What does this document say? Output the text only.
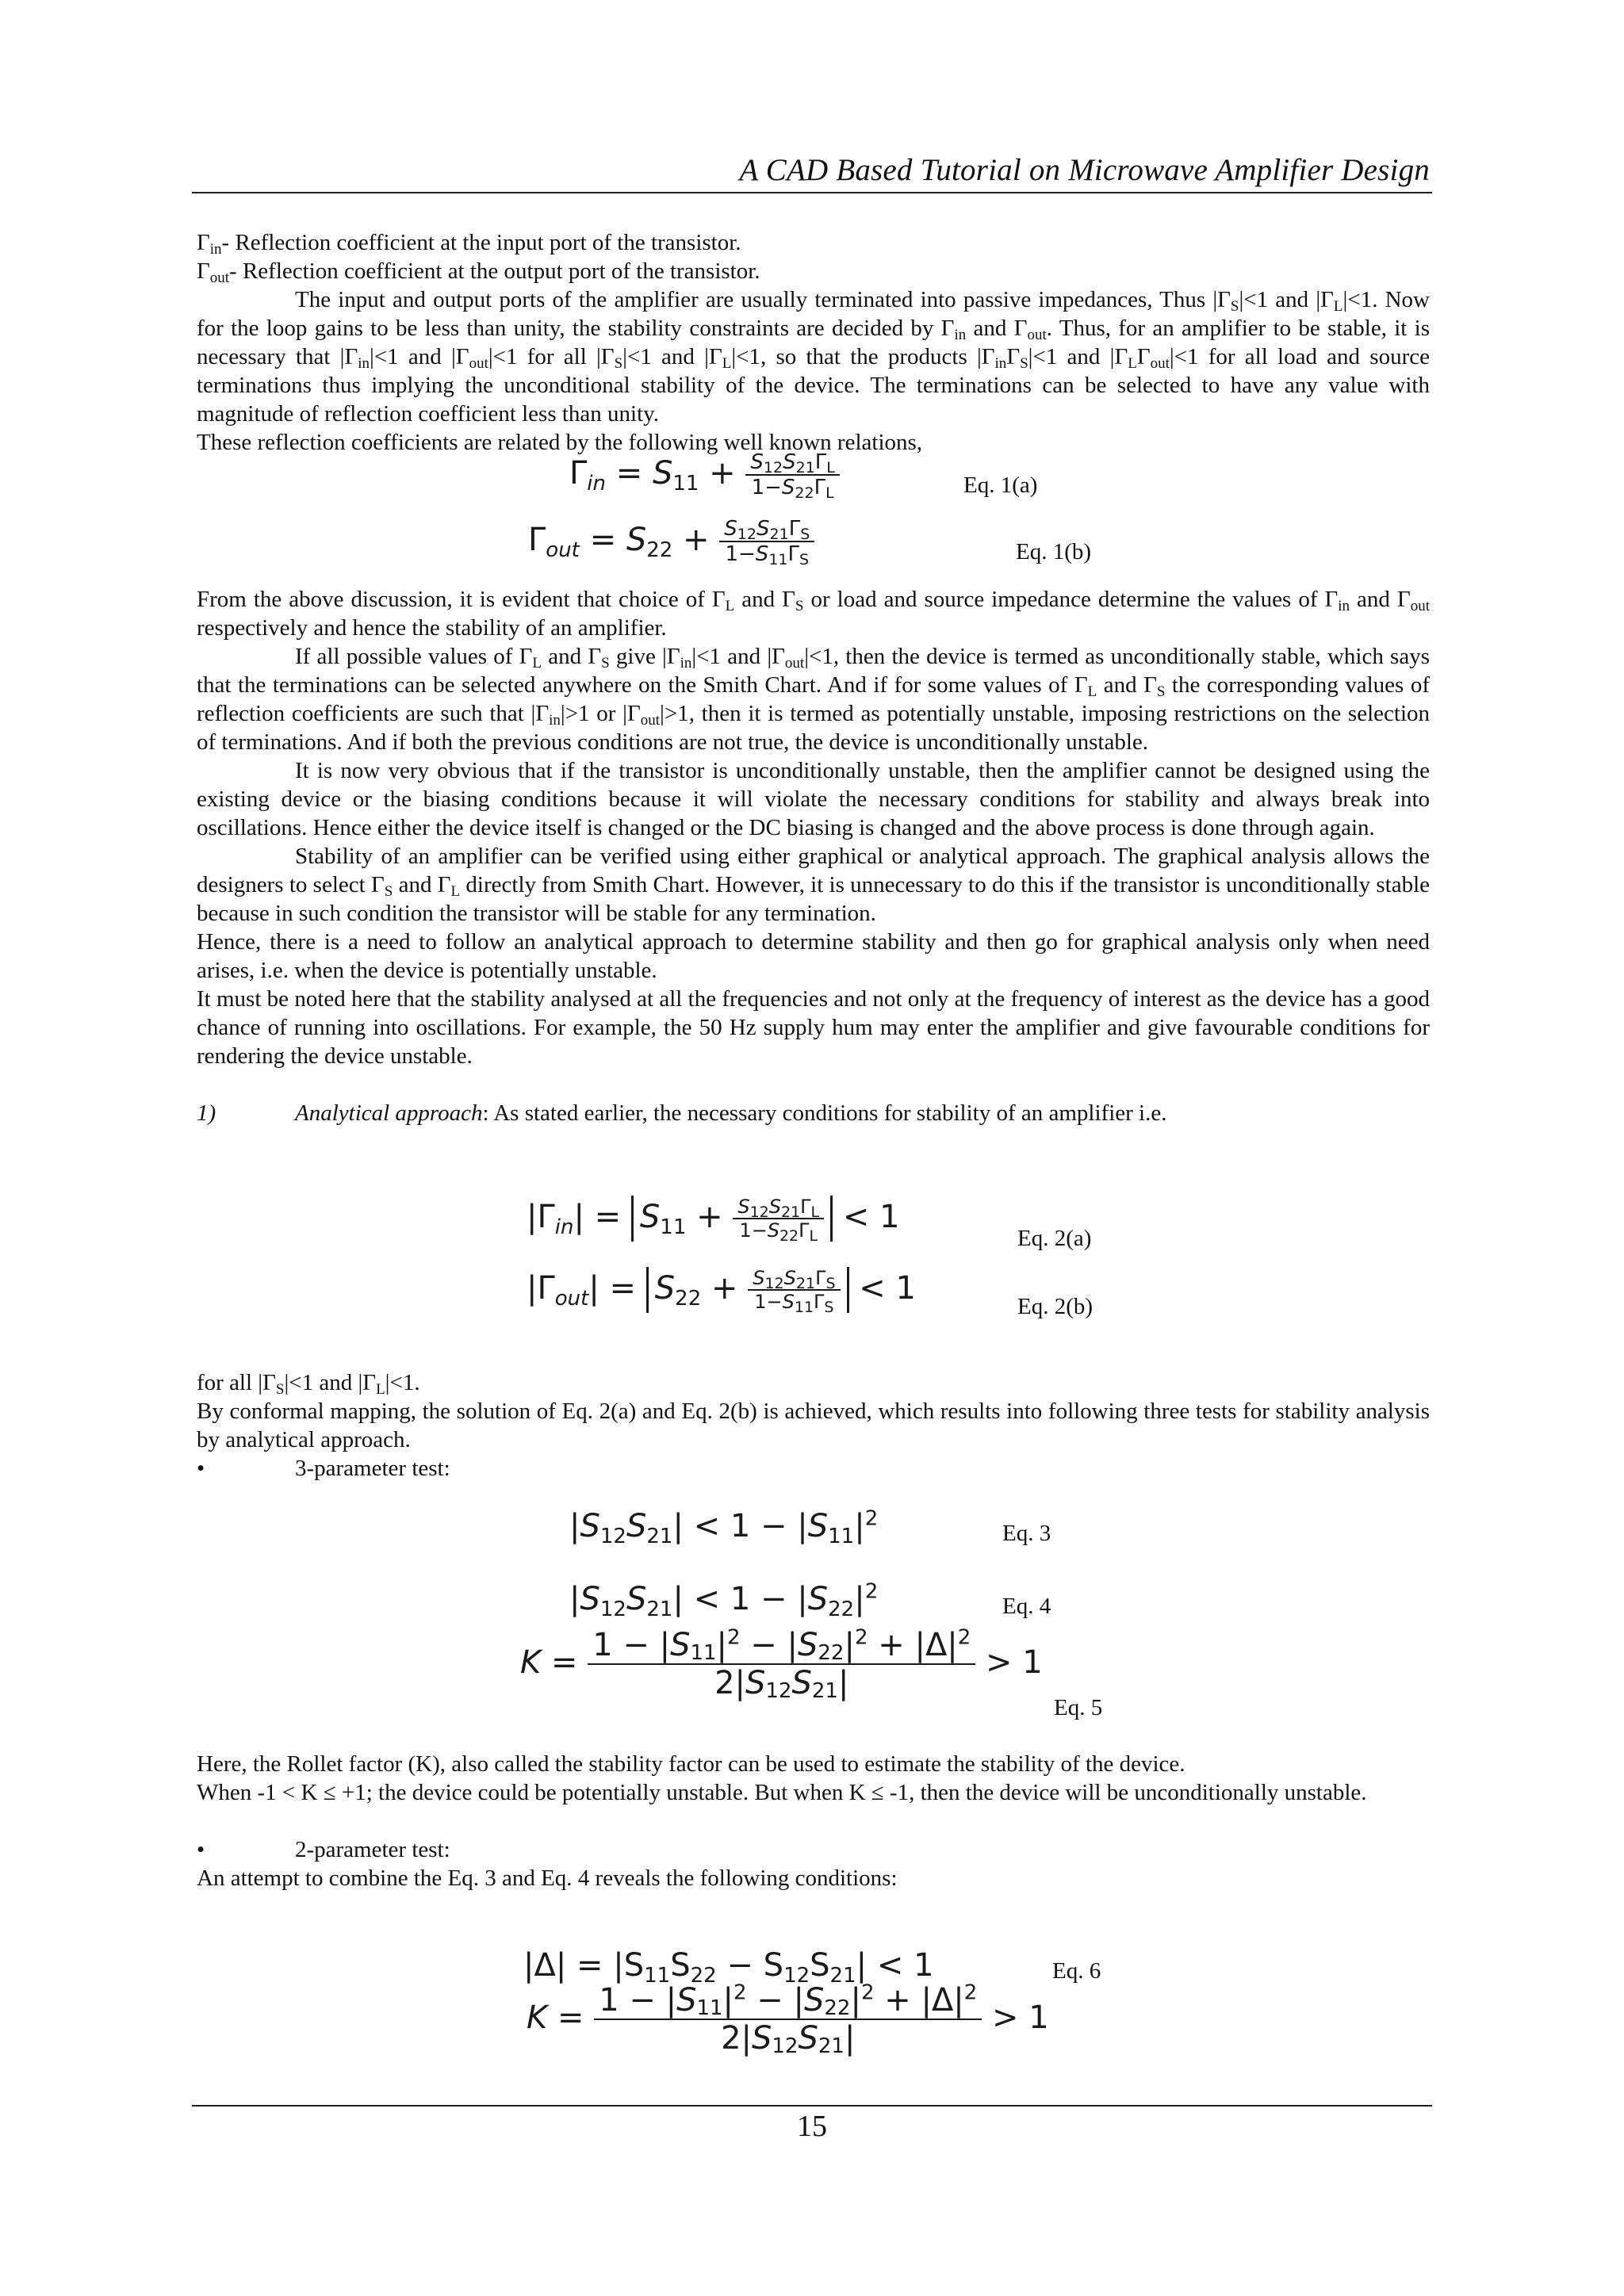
A CAD Based Tutorial on Microwave Amplifier Design

$\Gamma_{in}-$ Reflection coefficient at the input port of the transistor.

$\Gamma_{out}-$ Reflection coefficient at the output port of the transistor.

The input and output ports of the amplifier are usually terminated into passive impedances, Thus $|\Gamma_S|<1$ and $|\Gamma_L|<1$. Now for the loop gains to be less than unity, the stability constraints are decided by $\Gamma_{in}$ and $\Gamma_{out}$. Thus, for an amplifier to be stable, it is necessary that $|\Gamma_{in}|<1$ and $|\Gamma_{out}|<1$ for all $|\Gamma_S|<1$ and $|\Gamma_L|<1$, so that the products $|\Gamma_{in}\Gamma_S|<1$ and $|\Gamma_L\Gamma_{out}|<1$ for all load and source terminations thus implying the unconditional stability of the device. The terminations can be selected to have any value with magnitude of reflection coefficient less than unity.

These reflection coefficients are related by the following well known relations,

$\Gamma_{in} = S_{11} + \frac{S_{12}S_{21}\Gamma_L}{1-S_{22}\Gamma_L}$	Eq. 1(a)
$\Gamma_{out} = S_{22} + \frac{S_{12}S_{21}\Gamma_S}{1-S_{11}\Gamma_S}$	Eq. 1(b)

From the above discussion, it is evident that choice of $\Gamma_L$ and $\Gamma_S$ or load and source impedance determine the values of $\Gamma_{in}$ and $\Gamma_{out}$ respectively and hence the stability of an amplifier.

If all possible values of $\Gamma_L$ and $\Gamma_S$ give $|\Gamma_{in}|<1$ and $|\Gamma_{out}|<1$, then the device is termed as unconditionally stable, which says that the terminations can be selected anywhere on the Smith Chart. And if for some values of $\Gamma_L$ and $\Gamma_S$ the corresponding values of reflection coefficients are such that $|\Gamma_{in}|>1$ or $|\Gamma_{out}|>1$, then it is termed as potentially unstable, imposing restrictions on the selection of terminations. And if both the previous conditions are not true, the device is unconditionally unstable.

It is now very obvious that if the transistor is unconditionally unstable, then the amplifier cannot be designed using the existing device or the biasing conditions because it will violate the necessary conditions for stability and always break into oscillations. Hence either the device itself is changed or the DC biasing is changed and the above process is done through again.

Stability of an amplifier can be verified using either graphical or analytical approach. The graphical analysis allows the designers to select $\Gamma_S$ and $\Gamma_L$ directly from Smith Chart. However, it is unnecessary to do this if the transistor is unconditionally stable because in such condition the transistor will be stable for any termination.

Hence, there is a need to follow an analytical approach to determine stability and then go for graphical analysis only when need arises, i.e. when the device is potentially unstable.

It must be noted here that the stability analysed at all the frequencies and not only at the frequency of interest as the device has a good chance of running into oscillations. For example, the 50 Hz supply hum may enter the amplifier and give favourable conditions for rendering the device unstable.

1)	Analytical approach: As stated earlier, the necessary conditions for stability of an amplifier i.e.

$|\Gamma_{in}| = S_{11} + \frac{S_{12}S_{21}\Gamma_L}{1-S_{22}\Gamma_L} < 1$
Eq. 2(a)
$|\Gamma_{out}| = S_{22} + \frac{S_{12}S_{21}\Gamma_S}{1-S_{11}\Gamma_S} < 1$	Eq. 2(b)

for all $|\Gamma_S|<1$ and $|\Gamma_L|<1$.

By conformal mapping, the solution of Eq. 2(a) and Eq. 2(b) is achieved, which results into following three tests for stability analysis by analytical approach.

•	3-parameter test:
$|S_{12}S_{21}| < 1 - |S_{11}|^2$
Eq. 3
$|S_{12}S_{21}| < 1 - |S_{22}|^2$
Eq. 4
$K = \frac{1 - |S_{11}|^2 - |S_{22}|^2 + |\Delta|^2}{2|S_{12}S_{21}|} > 1$
Eq. 5

Here, the Rollet factor (K), also called the stability factor can be used to estimate the stability of the device.

When -1 < K ≤ +1; the device could be potentially unstable. But when K ≤ -1, then the device will be unconditionally unstable.

•	2-parameter test:

An attempt to combine the Eq. 3 and Eq. 4 reveals the following conditions:

$|\Delta| = |S_{11}S_{22} - S_{12}S_{21}| < 1$	Eq. 6
$K = \frac{1 - |S_{11}|^2 - |S_{22}|^2 + |\Delta|^2}{2|S_{12}S_{21}|} > 1$
15
